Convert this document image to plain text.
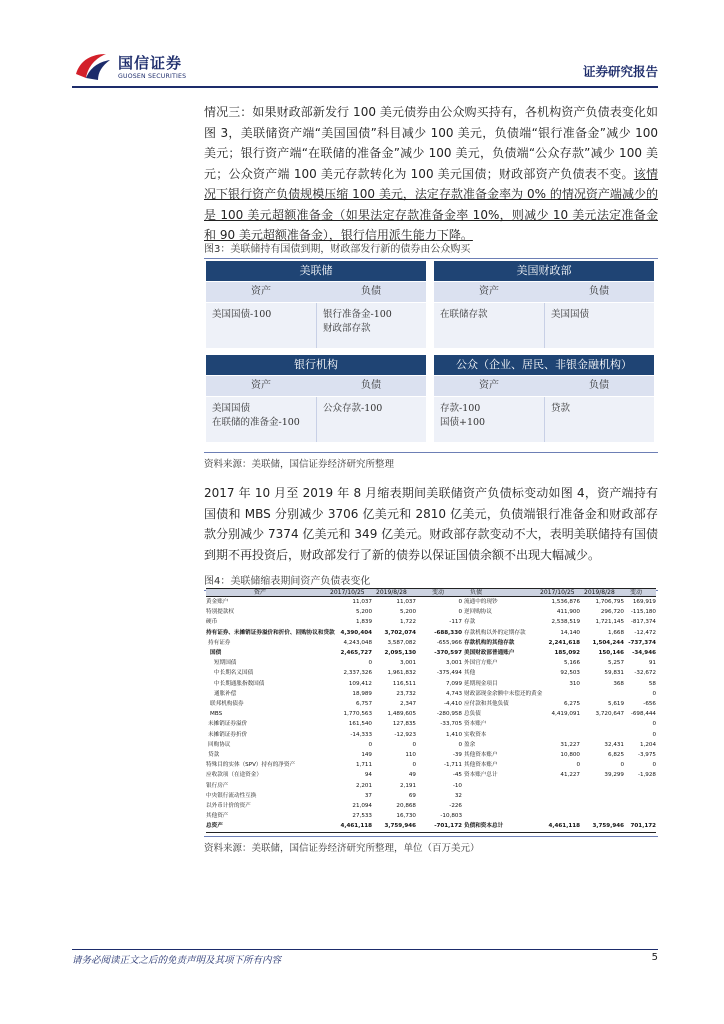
国信证券
GUOSEN SECURITIES	证券研究报告
情况三：如果财政部新发行 100 美元债券由公众购买持有，各机构资产负债表变化如图 3，美联储资产端“美国国债”科目减少 100 美元，负债端“银行准备金”减少 100 美元；银行资产端“在联储的准备金”减少 100 美元，负债端“公众存款”减少 100 美元；公众资产端 100 美元存款转化为 100 美元国债；财政部资产负债表不变。该情况下银行资产负债规模压缩 100 美元，法定存款准备金率为 0% 的情况资产端减少的是 100 美元超额准备金（如果法定存款准备金率 10%，则减少 10 美元法定准备金和 90 美元超额准备金），银行信用派生能力下降。
图3：美联储持有国债到期，财政部发行新的债券由公众购买
美联储
资产	负债
美国国债-100	银行准备金-100
财政部存款
美国财政部
资产	负债
在联储存款	美国国债
银行机构
资产	负债
美国国债
在联储的准备金-100
公众存款-100
公众（企业、居民、非银金融机构）
资产	负债
存款-100
国债+100
贷款
资料来源：美联储，国信证券经济研究所整理
2017 年 10 月至 2019 年 8 月缩表期间美联储资产负债标变动如图 4，资产端持有国债和 MBS 分别减少 3706 亿美元和 2810 亿美元，负债端银行准备金和财政部存款分别减少 7374 亿美元和 349 亿美元。财政部存款变动不大，表明美联储持有国债到期不再投资后，财政部发行了新的债券以保证国债余额不出现大幅减少。
图4：美联储缩表期间资产负债表变化
资产	2017/10/25 2019/8/28	变动	负债	2017/10/25 2019/8/28	变动
黄金账户	11,037	11,037	0 流通中的现钞	1,536,876	1,706,795	169,919
特别提款权	5,200	5,200	0 逆回购协议	411,900	296,720	-115,180
硬币	1,839	1,722	-117 存款	2,538,519	1,721,145	-817,374
持有证券、未摊销证券溢价和折价、回购协议和贷款	4,390,404	3,702,074	-688,330 存款机构以外的定期存款	14,140	1,668	-12,472
持有证券	4,243,048	3,587,082	-655,966 存款机构的其他存款	2,241,618	1,504,244 -737,374
国债	2,465,727	2,095,130	-370,597 美国财政部普通账户	185,092	150,146	-34,946
短期国债	0	3,001	3,001 外国官方账户	5,166	5,257	91
中长期名义国债	2,337,326	1,961,832	-375,494 其他	92,503	59,831	-32,672
中长期通胀指数国债	109,412	116,511	7,099 延期现金项目	310	368	58
通胀补偿	18,989	23,732	4,743 财政部现金余额中未偿还的黄金	0
联邦机构债券	6,757	2,347	-4,410 应付款和其他负债	6,275	5,619	-656
MBS	1,770,563	1,489,605	-280,958 总负债	4,419,091	3,720,647	-698,444
未摊销证券溢价	161,540	127,835	-33,705 资本账户	0
未摊销证券折价	-14,333	-12,923	1,410 实收资本	0
回购协议	0	0	0 盈余	31,227	32,431	1,204
贷款	149	110	-39 其他资本账户	10,800	6,825	-3,975
特殊目的实体（SPV）持有的净资产	1,711	0	-1,711 其他资本账户	0	0	0
应收款项（在途资金）	94	49	-45 资本账户总计	41,227	39,299	-1,928
银行房产	2,201	2,191	-10
中央银行流动性互换	37	69	32
以外币计价的资产	21,094	20,868	-226
其他资产	27,533	16,730	-10,803
总资产	4,461,118	3,759,946	-701,172 负债和资本总计	4,461,118	3,759,946	701,172
资料来源：美联储，国信证券经济研究所整理，单位（百万美元）
请务必阅读正文之后的免责声明及其项下所有内容	5
